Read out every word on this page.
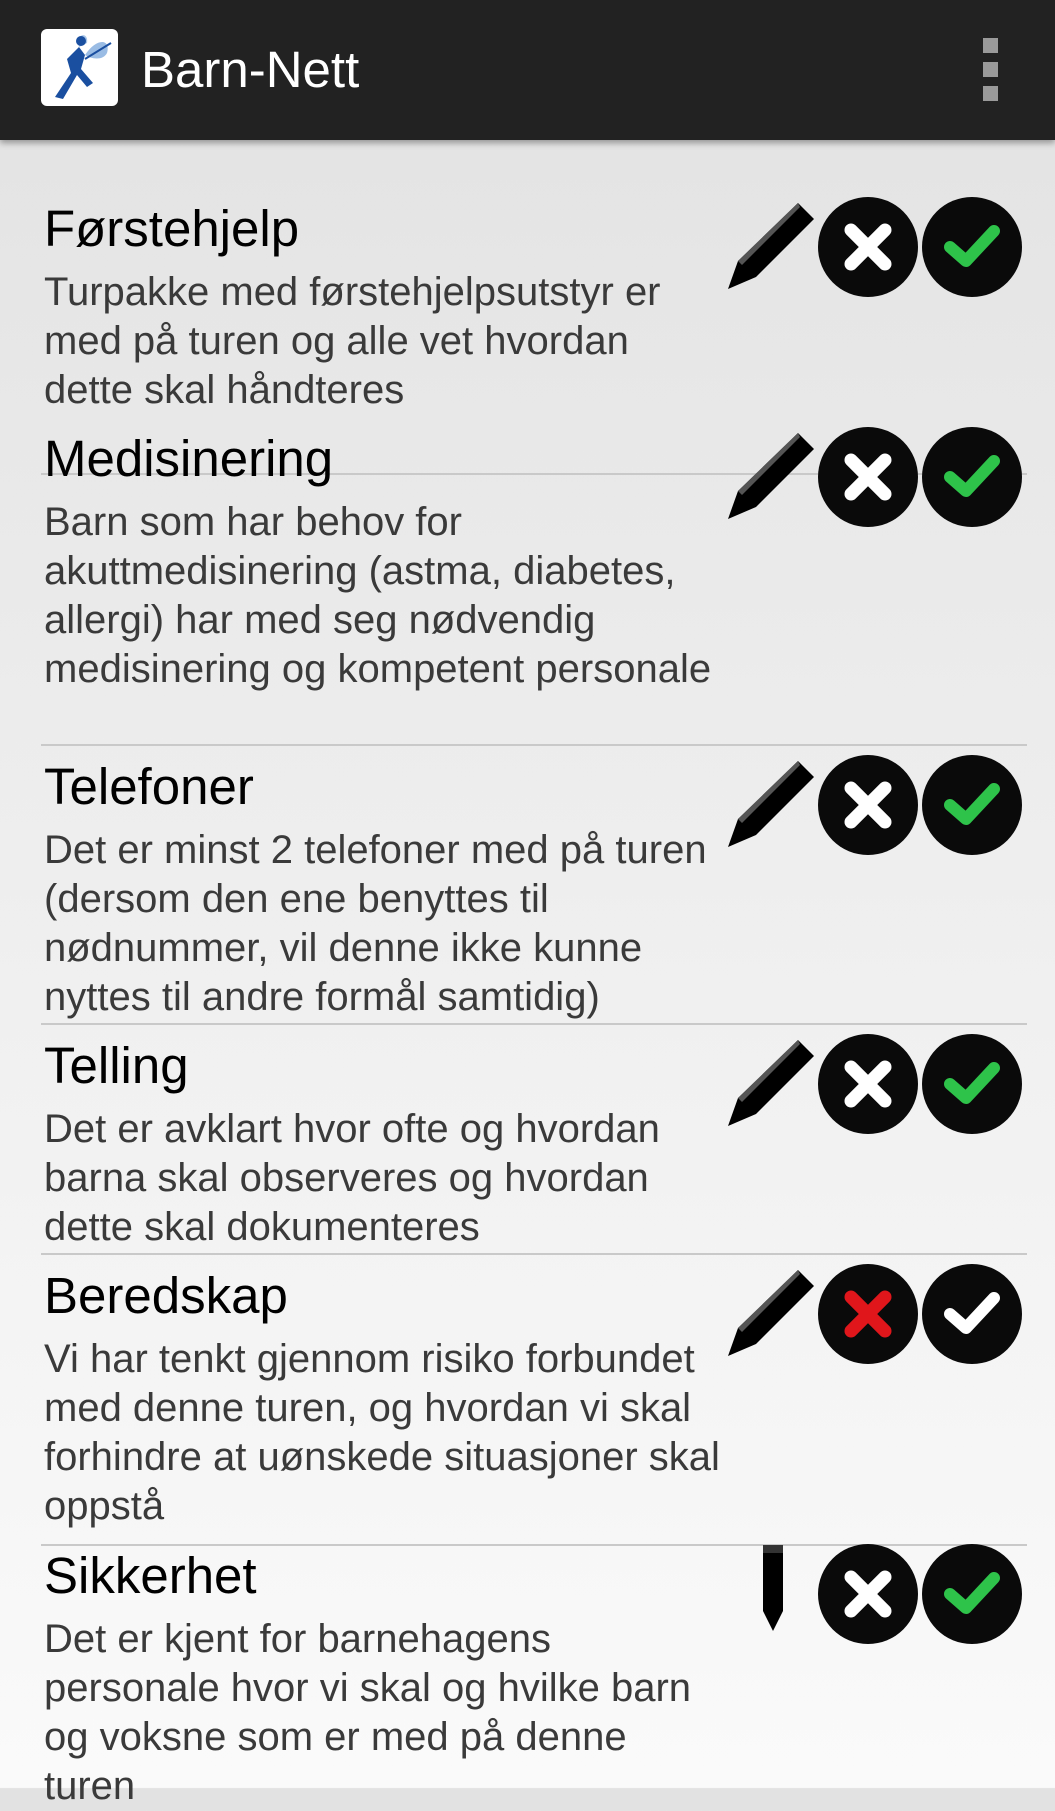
Barn-Nett
Førstehjelp
Turpakke med førstehjelpsutstyr er med på turen og alle vet hvordan dette skal håndteres
Medisinering
Barn som har behov for akuttmedisinering (astma, diabetes, allergi) har med seg nødvendig medisinering og kompetent personale
Telefoner
Det er minst 2 telefoner med på turen (dersom den ene benyttes til nødnummer, vil denne ikke kunne nyttes til andre formål samtidig)
Telling
Det er avklart hvor ofte og hvordan barna skal observeres og hvordan dette skal dokumenteres
Beredskap
Vi har tenkt gjennom risiko forbundet med denne turen, og hvordan vi skal forhindre at uønskede situasjoner skal oppstå
Sikkerhet
Det er kjent for barnehagens personale hvor vi skal og hvilke barn og voksne som er med på denne turen
